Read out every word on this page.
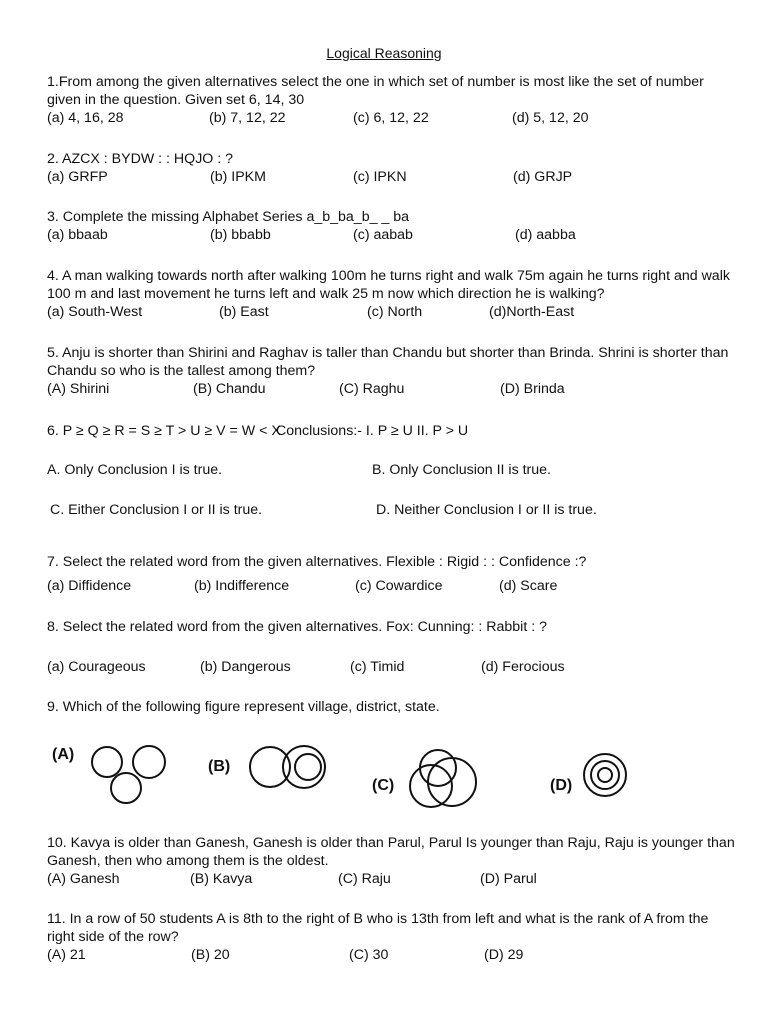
Logical Reasoning
1.From among the given alternatives select the one in which set of number is most like the set of number given in the question. Given set 6, 14, 30
(a) 4, 16, 28	(b) 7, 12, 22	(c) 6, 12, 22	(d) 5, 12, 20
2. AZCX : BYDW : : HQJO : ?
(a) GRFP	(b) IPKM	(c) IPKN	(d) GRJP
3. Complete the missing Alphabet Series a_b_ba_b_ _ ba
(a) bbaab	(b) bbabb	(c) aabab	(d) aabba
4. A man walking towards north after walking 100m he turns right and walk 75m again he turns right and walk 100 m and last movement he turns left and walk 25 m now which direction he is walking?
(a) South-West	(b) East	(c) North	(d)North-East
5. Anju is shorter than Shirini and Raghav is taller than Chandu but shorter than Brinda. Shrini is shorter than Chandu so who is the tallest among them?
(A) Shirini	(B) Chandu	(C) Raghu	(D) Brinda
6. P ≥ Q ≥ R = S ≥ T > U ≥ V = W < X
Conclusions:- I. P ≥ U II. P > U
A. Only Conclusion I is true.	B. Only Conclusion II is true.
C. Either Conclusion I or II is true.	D. Neither Conclusion I or II is true.
7. Select the related word from the given alternatives. Flexible : Rigid : : Confidence :?
(a) Diffidence	(b) Indifference	(c) Cowardice	(d) Scare
8. Select the related word from the given alternatives. Fox: Cunning: : Rabbit : ?
(a) Courageous	(b) Dangerous	(c) Timid	(d) Ferocious
9. Which of the following figure represent village, district, state.
(A)
(B)
(C)	(D)
10. Kavya is older than Ganesh, Ganesh is older than Parul, Parul Is younger than Raju, Raju is younger than Ganesh, then who among them is the oldest.
(A) Ganesh	(B) Kavya	(C) Raju	(D) Parul
11. In a row of 50 students A is 8th to the right of B who is 13th from left and what is the rank of A from the right side of the row?
(A) 21	(B) 20	(C) 30	(D) 29
